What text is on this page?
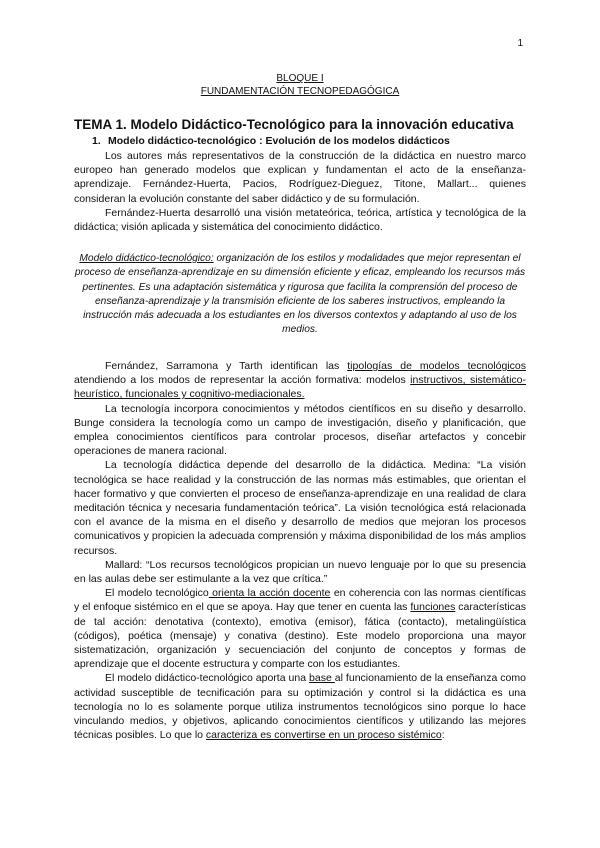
1
BLOQUE I
FUNDAMENTACIÓN TECNOPEDAGÓGICA
TEMA 1. Modelo Didáctico-Tecnológico para la innovación educativa
1. Modelo didáctico-tecnológico : Evolución de los modelos didácticos

Los autores más representativos de la construcción de la didáctica en nuestro marco europeo han generado modelos que explican y fundamentan el acto de la enseñanza-aprendizaje. Fernández-Huerta, Pacios, Rodríguez-Dieguez, Titone, Mallart... quienes consideran la evolución constante del saber didáctico y de su formulación.

Fernández-Huerta desarrolló una visión metateórica, teórica, artística y tecnológica de la didáctica; visión aplicada y sistemática del conocimiento didáctico.

Modelo didáctico-tecnológico: organización de los estilos y modalidades que mejor representan el proceso de enseñanza-aprendizaje en su dimensión eficiente y eficaz, empleando los recursos más pertinentes. Es una adaptación sistemática y rigurosa que facilita la comprensión del proceso de enseñanza-aprendizaje y la transmisión eficiente de los saberes instructivos, empleando la instrucción más adecuada a los estudiantes en los diversos contextos y adaptando al uso de los medios.

Fernández, Sarramona y Tarth identifican las tipologías de modelos tecnológicos atendiendo a los modos de representar la acción formativa: modelos instructivos, sistemático-heurístico, funcionales y cognitivo-mediacionales.

La tecnología incorpora conocimientos y métodos científicos en su diseño y desarrollo. Bunge considera la tecnología como un campo de investigación, diseño y planificación, que emplea conocimientos científicos para controlar procesos, diseñar artefactos y concebir operaciones de manera racional.

La tecnología didáctica depende del desarrollo de la didáctica. Medina: “La visión tecnológica se hace realidad y la construcción de las normas más estimables, que orientan el hacer formativo y que convierten el proceso de enseñanza-aprendizaje en una realidad de clara meditación técnica y necesaria fundamentación teórica”. La visión tecnológica está relacionada con el avance de la misma en el diseño y desarrollo de medios que mejoran los procesos comunicativos y propicien la adecuada comprensión y máxima disponibilidad de los más amplios recursos.

Mallard: “Los recursos tecnológicos propician un nuevo lenguaje por lo que su presencia en las aulas debe ser estimulante a la vez que crítica.”

El modelo tecnológico orienta la acción docente en coherencia con las normas científicas y el enfoque sistémico en el que se apoya. Hay que tener en cuenta las funciones características de tal acción: denotativa (contexto), emotiva (emisor), fática (contacto), metalingüística (códigos), poética (mensaje) y conativa (destino). Este modelo proporciona una mayor sistematización, organización y secuenciación del conjunto de conceptos y formas de aprendizaje que el docente estructura y comparte con los estudiantes.

El modelo didáctico-tecnológico aporta una base al funcionamiento de la enseñanza como actividad susceptible de tecnificación para su optimización y control si la didáctica es una tecnología no lo es solamente porque utiliza instrumentos tecnológicos sino porque lo hace vinculando medios, y objetivos, aplicando conocimientos científicos y utilizando las mejores técnicas posibles. Lo que lo caracteriza es convertirse en un proceso sistémico:
